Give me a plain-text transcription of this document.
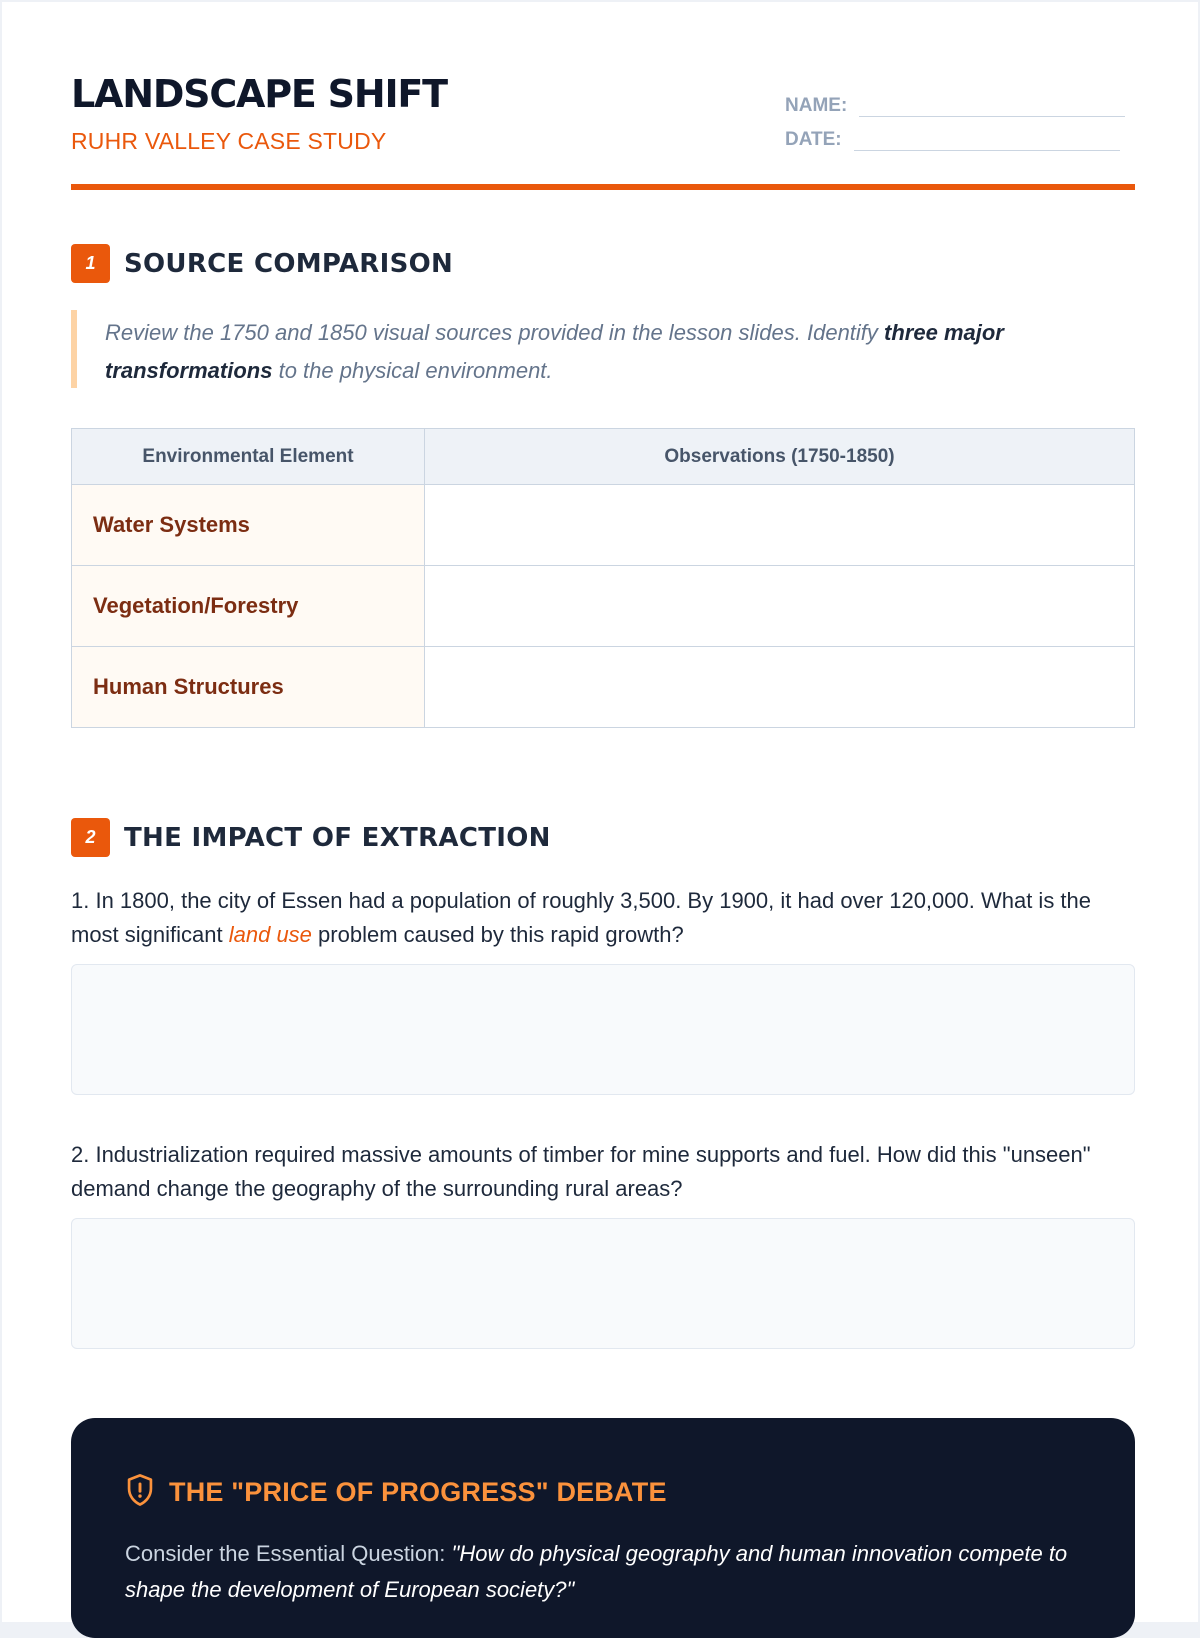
LANDSCAPE SHIFT
RUHR VALLEY CASE STUDY
NAME:
DATE:
1	SOURCE COMPARISON
Review the 1750 and 1850 visual sources provided in the lesson slides. Identify three major transformations to the physical environment.
Environmental Element	Observations (1750-1850)
Water Systems	
Vegetation/Forestry	
Human Structures	
2	THE IMPACT OF EXTRACTION
1. In 1800, the city of Essen had a population of roughly 3,500. By 1900, it had over 120,000. What is the most significant land use problem caused by this rapid growth?
2. Industrialization required massive amounts of timber for mine supports and fuel. How did this "unseen" demand change the geography of the surrounding rural areas?
THE "PRICE OF PROGRESS" DEBATE
Consider the Essential Question: "How do physical geography and human innovation compete to shape the development of European society?"
